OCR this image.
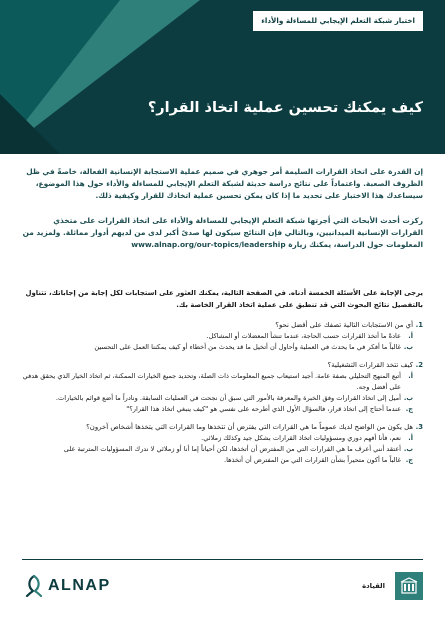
اختبار شبكة التعلم الإيجابي للمساءلة والأداء
كيف يمكنك تحسين عملية اتخاذ القرار؟

إن القدرة على اتخاذ القرارات السليمة أمر جوهري في صميم عملية الاستجابة الإنسانية الفعالة، خاصةً في ظل الظروف الصعبة. واعتماداً على نتائج دراسة حديثة لشبكة التعلم الإيجابي للمساءلة والأداء حول هذا الموضوع، سيساعدك هذا الاختبار على تحديد ما إذا كان يمكن تحسين عملية اتخاذك للقرار وكيفية ذلك.

ركزت أحدث الأبحاث التي أجرتها شبكة التعلم الإيجابي للمساءلة والأداء على اتخاذ القرارات على متخذي القرارات الإنسانية الميدانيين، وبالتالي فإن النتائج سيكون لها صدىً أكبر لدى من لديهم أدوار مماثلة. ولمزيد من المعلومات حول الدراسة، يمكنك زيارة www.alnap.org/our-topics/leadership

يرجى الإجابة على الأسئلة الخمسة أدناه. في الصفحة التالية، يمكنك العثور على استجابات لكل إجابة من إجاباتك، تتناول بالتفصيل نتائج البحوث التي قد تنطبق على عملية اتخاذ القرار الخاصة بك.
1.
أي من الاستجابات التالية تصفك على أفضل نحو؟
أ.
عادةً ما أتخذ القرارات حسب الحاجة، عندما تنشأ المعضلات أو المشاكل.
ب.
غالباً ما أفكر في ما يحدث في العملية وأحاول أن أتخيل ما قد يحدث من أخطاء أو كيف يمكننا العمل على التحسين
2.
كيف تتخذ القرارات التشغيلية؟
أ.
أتبع المنهج التحليلي بصفة عامة. أجيد استيعاب جميع المعلومات ذات الصلة، وتحديد جميع الخيارات الممكنة، ثم اتخاذ الخيار الذي يحقق هدفي على أفضل وجه.
ب.
أميل إلى اتخاذ القرارات وفق الخبرة والمعرفة بالأمور التي سبق أن نجحت في العمليات السابقة. ونادراً ما أضع قوائم بالخيارات.
ج.
عندما أحتاج إلى اتخاذ قرار، فالسؤال الأول الذي أطرحه على نفسي هو "كيف ينبغي اتخاذ هذا القرار؟"
3.
هل يكون من الواضح لديك عموماً ما هي القرارات التي يفترض أن تتخذها وما القرارات التي يتخذها أشخاص آخرون؟
أ.
نعم، فأنا أفهم دوري ومسؤوليات اتخاذ القرارات بشكل جيد وكذلك زملائي.
ب.
أعتقد أنني أعرف ما هي القرارات التي من المفترض أن أتخذها، لكن أحياناً إما أنا أو زملائي لا ندرك المسؤوليات المترتبة على
ج.
غالباً ما أكون متحيراً بشأن القرارات التي من المفترض أن أتخذها.
ALNAP	القيادة
